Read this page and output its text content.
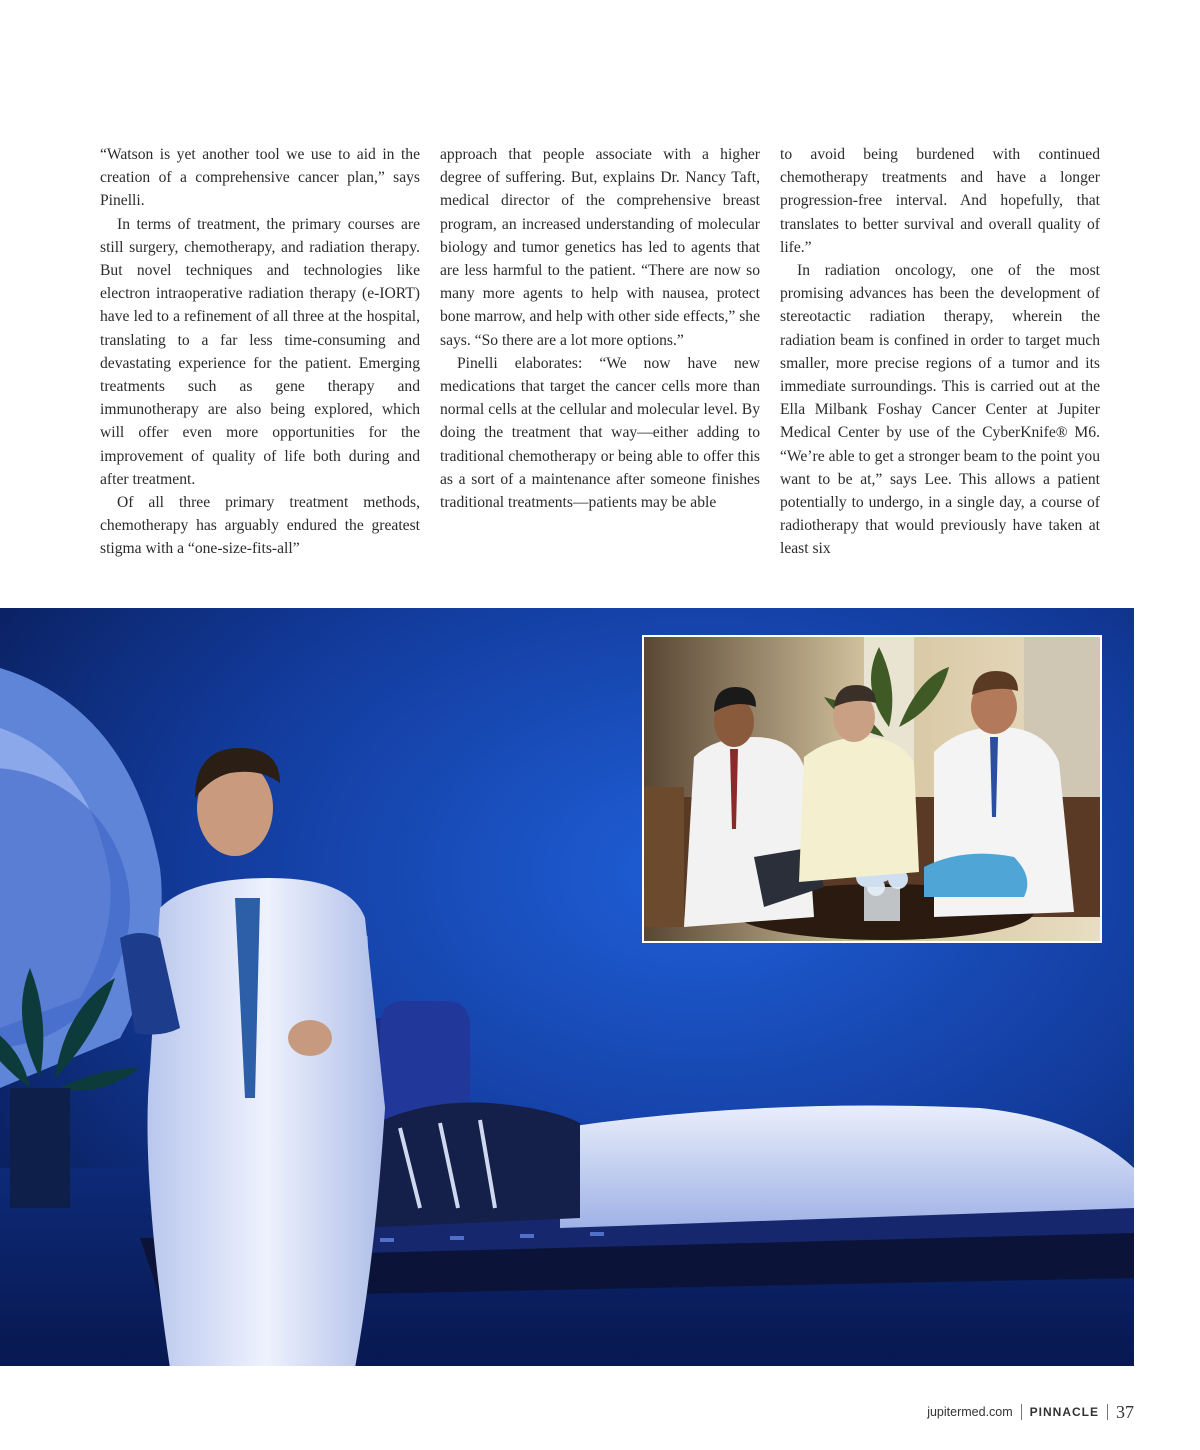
“Watson is yet another tool we use to aid in the creation of a comprehensive cancer plan,” says Pinelli.

In terms of treatment, the primary courses are still surgery, chemotherapy, and radiation therapy. But novel techniques and technologies like electron intraoperative radiation therapy (e-IORT) have led to a refinement of all three at the hospital, translating to a far less time-consuming and devastating experience for the patient. Emerging treatments such as gene therapy and immunotherapy are also being explored, which will offer even more opportunities for the improvement of quality of life both during and after treatment.

Of all three primary treatment methods, chemotherapy has arguably endured the greatest stigma with a “one-size-fits-all”

approach that people associate with a higher degree of suffering. But, explains Dr. Nancy Taft, medical director of the comprehensive breast program, an increased understanding of molecular biology and tumor genetics has led to agents that are less harmful to the patient. “There are now so many more agents to help with nausea, protect bone marrow, and help with other side effects,” she says. “So there are a lot more options.”

Pinelli elaborates: “We now have new medications that target the cancer cells more than normal cells at the cellular and molecular level. By doing the treatment that way—either adding to traditional chemotherapy or being able to offer this as a sort of a maintenance after someone finishes traditional treatments—patients may be able

to avoid being burdened with continued chemotherapy treatments and have a longer progression-free interval. And hopefully, that translates to better survival and overall quality of life.”

In radiation oncology, one of the most promising advances has been the development of stereotactic radiation therapy, wherein the radiation beam is confined in order to target much smaller, more precise regions of a tumor and its immediate surroundings. This is carried out at the Ella Milbank Foshay Cancer Center at Jupiter Medical Center by use of the CyberKnife® M6. “We’re able to get a stronger beam to the point you want to be at,” says Lee. This allows a patient potentially to undergo, in a single day, a course of radiotherapy that would previously have taken at least six

jupitermed.com PINNACLE 37
